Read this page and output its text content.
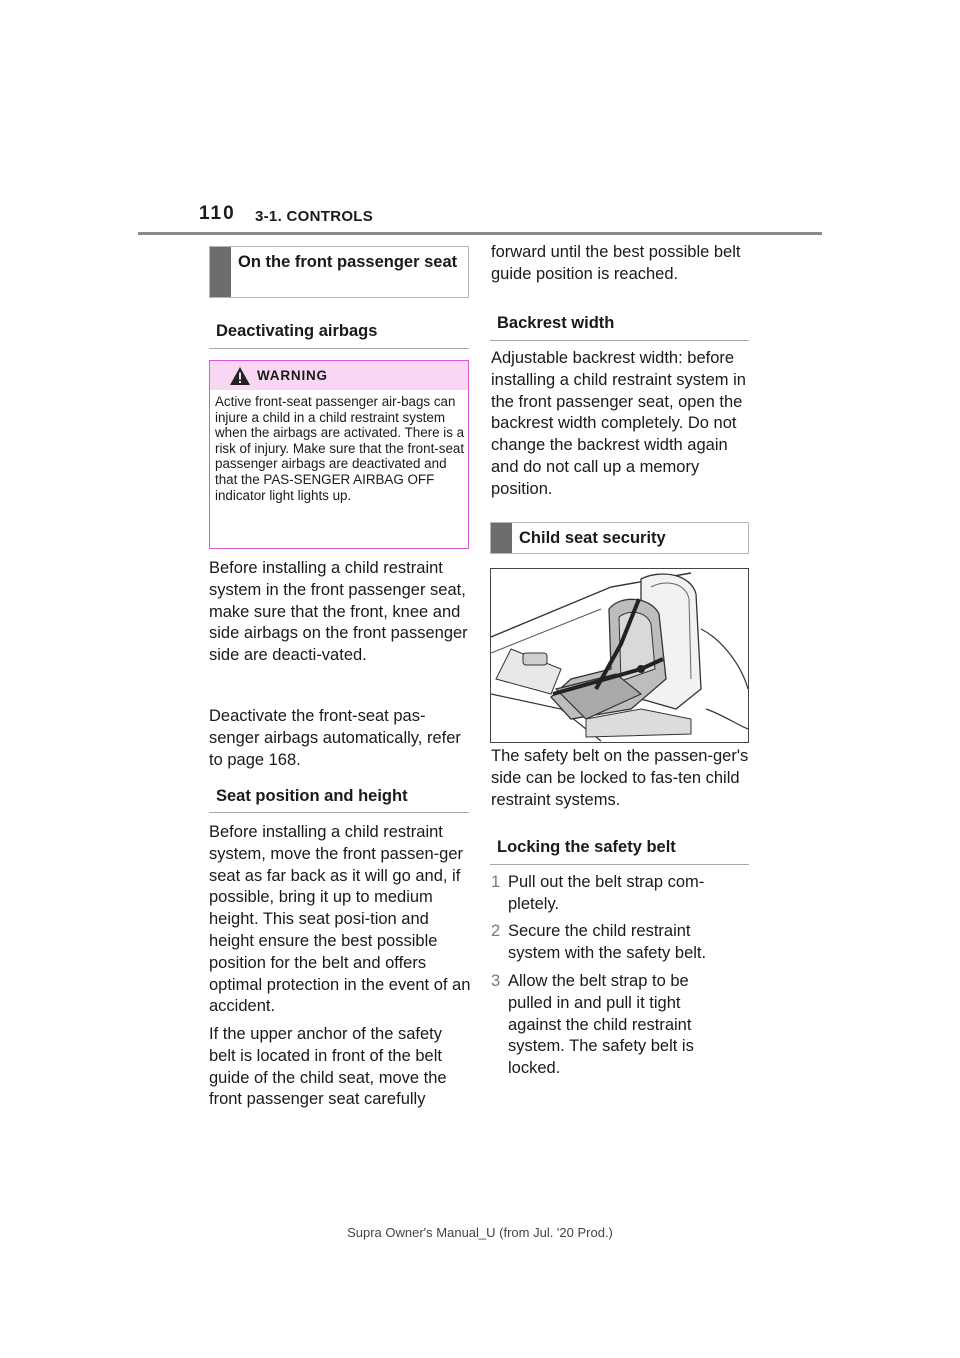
110 3-1. CONTROLS
On the front passenger seat
Deactivating airbags
WARNING
Active front-seat passenger air-bags can injure a child in a child restraint system when the airbags are activated. There is a risk of injury. Make sure that the front-seat passenger airbags are deactivated and that the PAS-SENGER AIRBAG OFF indicator light lights up.
Before installing a child restraint system in the front passenger seat, make sure that the front, knee and side airbags on the front passenger side are deacti-vated.
Deactivate the front-seat pas-senger airbags automatically, refer to page 168.
Seat position and height
Before installing a child restraint system, move the front passen-ger seat as far back as it will go and, if possible, bring it up to medium height. This seat posi-tion and height ensure the best possible position for the belt and offers optimal protection in the event of an accident.
If the upper anchor of the safety belt is located in front of the belt guide of the child seat, move the front passenger seat carefully
forward until the best possible belt guide position is reached.
Backrest width
Adjustable backrest width: before installing a child restraint system in the front passenger seat, open the backrest width completely. Do not change the backrest width again and do not call up a memory position.
Child seat security
The safety belt on the passen-ger's side can be locked to fas-ten child restraint systems.
Locking the safety belt
1 Pull out the belt strap com-pletely.
2 Secure the child restraint system with the safety belt.
3 Allow the belt strap to be pulled in and pull it tight against the child restraint system. The safety belt is locked.
Supra Owner's Manual_U (from Jul. '20 Prod.)
